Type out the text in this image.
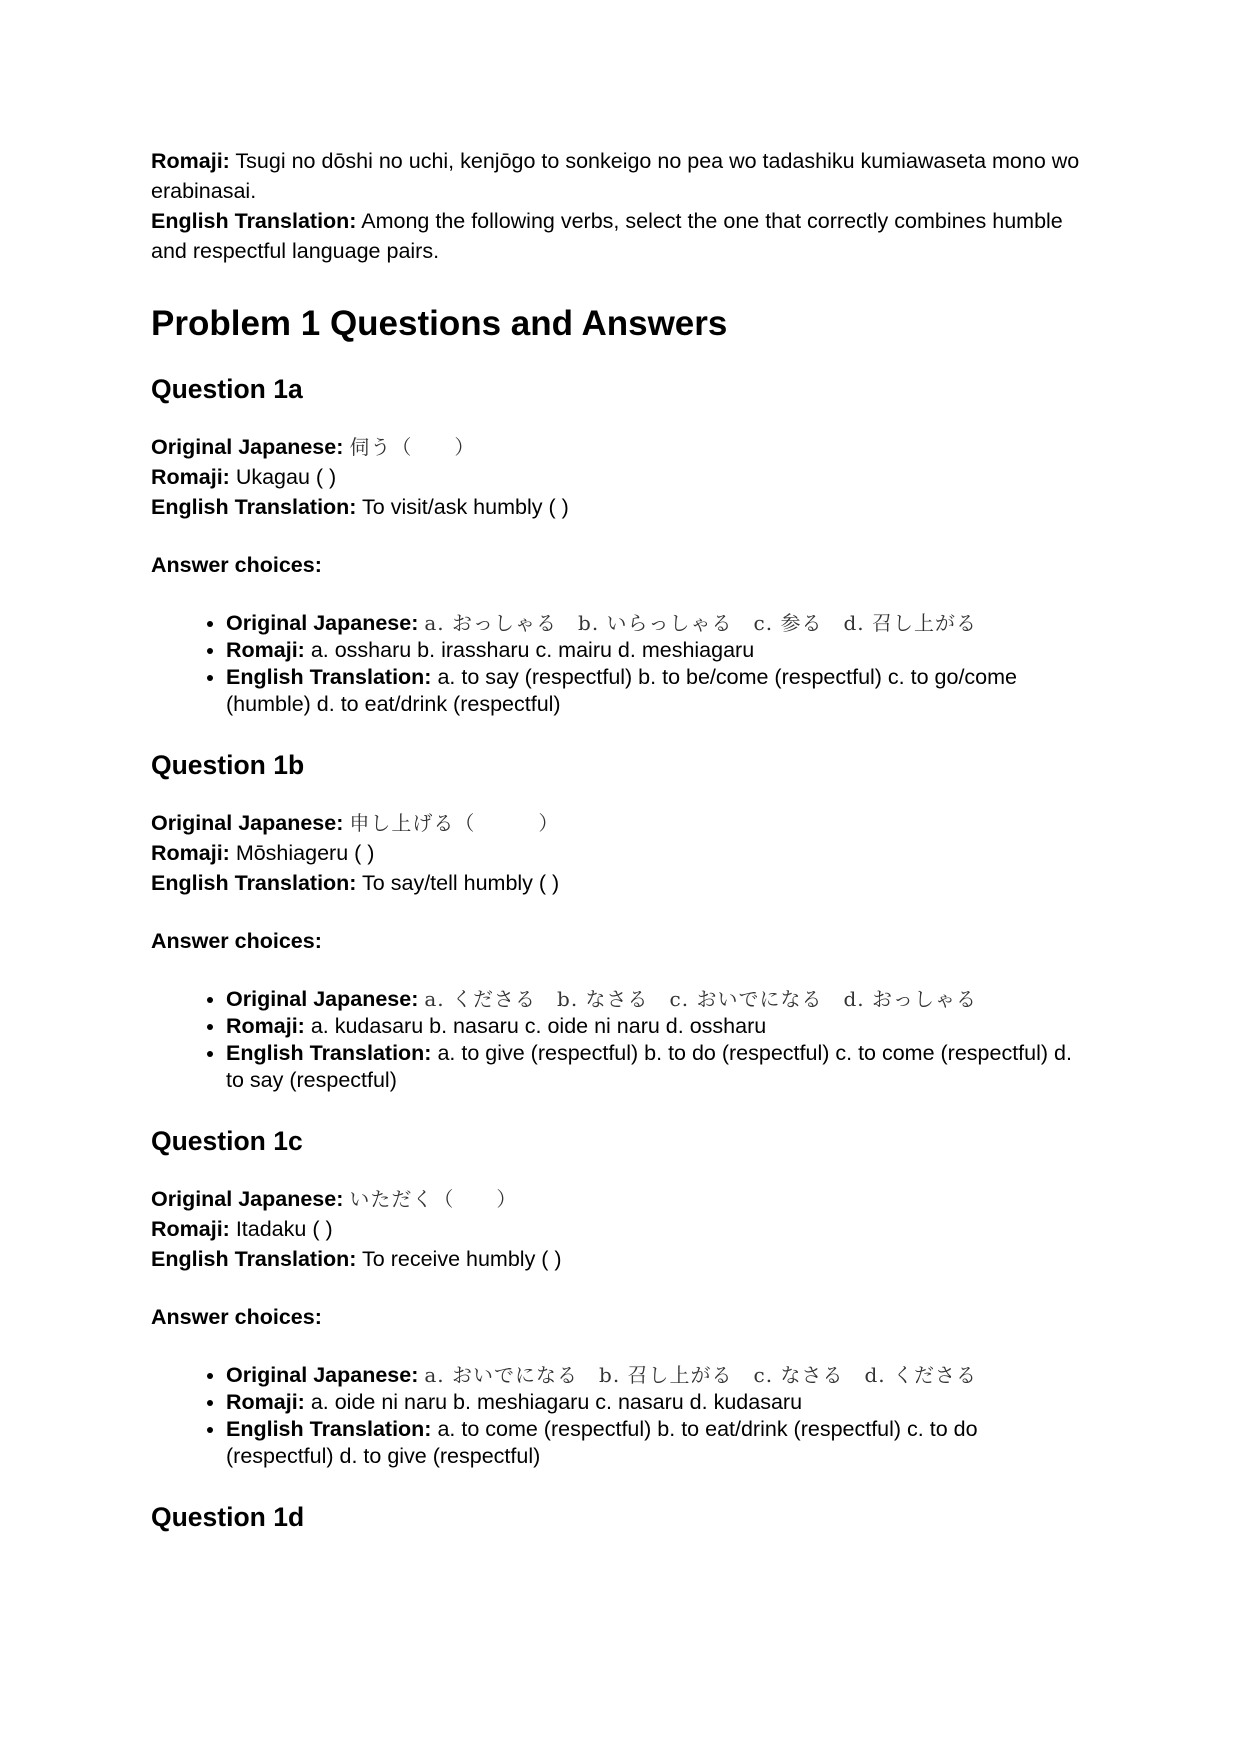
Romaji: Tsugi no dōshi no uchi, kenjōgo to sonkeigo no pea wo tadashiku kumiawaseta mono wo erabinasai.

English Translation: Among the following verbs, select the one that correctly combines humble and respectful language pairs.

Problem 1 Questions and Answers
Question 1a

Original Japanese: 伺う（　　）

Romaji: Ukagau ( )

English Translation: To visit/ask humbly ( )

Answer choices:

• Original Japanese: a. おっしゃる　b. いらっしゃる　c. 参る　d. 召し上がる
• Romaji: a. ossharu b. irassharu c. mairu d. meshiagaru
• English Translation: a. to say (respectful) b. to be/come (respectful) c. to go/come (humble) d. to eat/drink (respectful)
Question 1b

Original Japanese: 申し上げる（　　　）

Romaji: Mōshiageru ( )

English Translation: To say/tell humbly ( )

Answer choices:

• Original Japanese: a. くださる　b. なさる　c. おいでになる　d. おっしゃる
• Romaji: a. kudasaru b. nasaru c. oide ni naru d. ossharu
• English Translation: a. to give (respectful) b. to do (respectful) c. to come (respectful) d. to say (respectful)
Question 1c

Original Japanese: いただく（　　）

Romaji: Itadaku ( )

English Translation: To receive humbly ( )

Answer choices:

• Original Japanese: a. おいでになる　b. 召し上がる　c. なさる　d. くださる
• Romaji: a. oide ni naru b. meshiagaru c. nasaru d. kudasaru
• English Translation: a. to come (respectful) b. to eat/drink (respectful) c. to do (respectful) d. to give (respectful)
Question 1d
